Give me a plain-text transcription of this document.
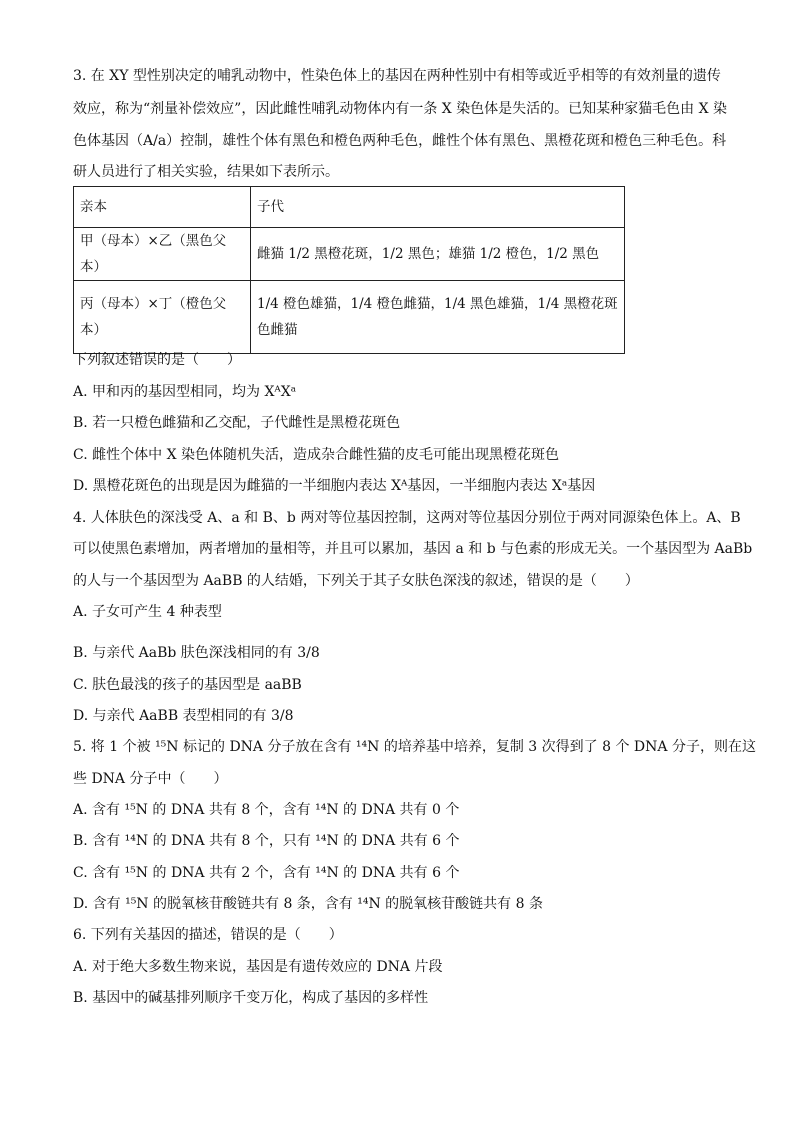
3. 在 XY 型性别决定的哺乳动物中，性染色体上的基因在两种性别中有相等或近乎相等的有效剂量的遗传
效应，称为“剂量补偿效应”，因此雌性哺乳动物体内有一条 X 染色体是失活的。已知某种家猫毛色由 X 染
色体基因（A/a）控制，雄性个体有黑色和橙色两种毛色，雌性个体有黑色、黑橙花斑和橙色三种毛色。科
研人员进行了相关实验，结果如下表所示。
亲本	子代
甲（母本）×乙（黑色父本）	雌猫 1/2 黑橙花斑，1/2 黑色；雄猫 1/2 橙色，1/2 黑色
丙（母本）×丁（橙色父本）	1/4 橙色雄猫，1/4 橙色雌猫，1/4 黑色雄猫，1/4 黑橙花斑色雌猫
下列叙述错误的是（　　）
A. 甲和丙的基因型相同，均为 XᴬXᵃ
B. 若一只橙色雌猫和乙交配，子代雌性是黑橙花斑色
C. 雌性个体中 X 染色体随机失活，造成杂合雌性猫的皮毛可能出现黑橙花斑色
D. 黑橙花斑色的出现是因为雌猫的一半细胞内表达 Xᴬ基因，一半细胞内表达 Xᵃ基因
4. 人体肤色的深浅受 A、a 和 B、b 两对等位基因控制，这两对等位基因分别位于两对同源染色体上。A、B
可以使黑色素增加，两者增加的量相等，并且可以累加，基因 a 和 b 与色素的形成无关。一个基因型为 AaBb
的人与一个基因型为 AaBB 的人结婚，下列关于其子女肤色深浅的叙述，错误的是（　　）
A. 子女可产生 4 种表型
B. 与亲代 AaBb 肤色深浅相同的有 3/8
C. 肤色最浅的孩子的基因型是 aaBB
D. 与亲代 AaBB 表型相同的有 3/8
5. 将 1 个被 ¹⁵N 标记的 DNA 分子放在含有 ¹⁴N 的培养基中培养，复制 3 次得到了 8 个 DNA 分子，则在这
些 DNA 分子中（　　）
A. 含有 ¹⁵N 的 DNA 共有 8 个，含有 ¹⁴N 的 DNA 共有 0 个
B. 含有 ¹⁴N 的 DNA 共有 8 个，只有 ¹⁴N 的 DNA 共有 6 个
C. 含有 ¹⁵N 的 DNA 共有 2 个，含有 ¹⁴N 的 DNA 共有 6 个
D. 含有 ¹⁵N 的脱氧核苷酸链共有 8 条，含有 ¹⁴N 的脱氧核苷酸链共有 8 条
6. 下列有关基因的描述，错误的是（　　）
A. 对于绝大多数生物来说，基因是有遗传效应的 DNA 片段
B. 基因中的碱基排列顺序千变万化，构成了基因的多样性
